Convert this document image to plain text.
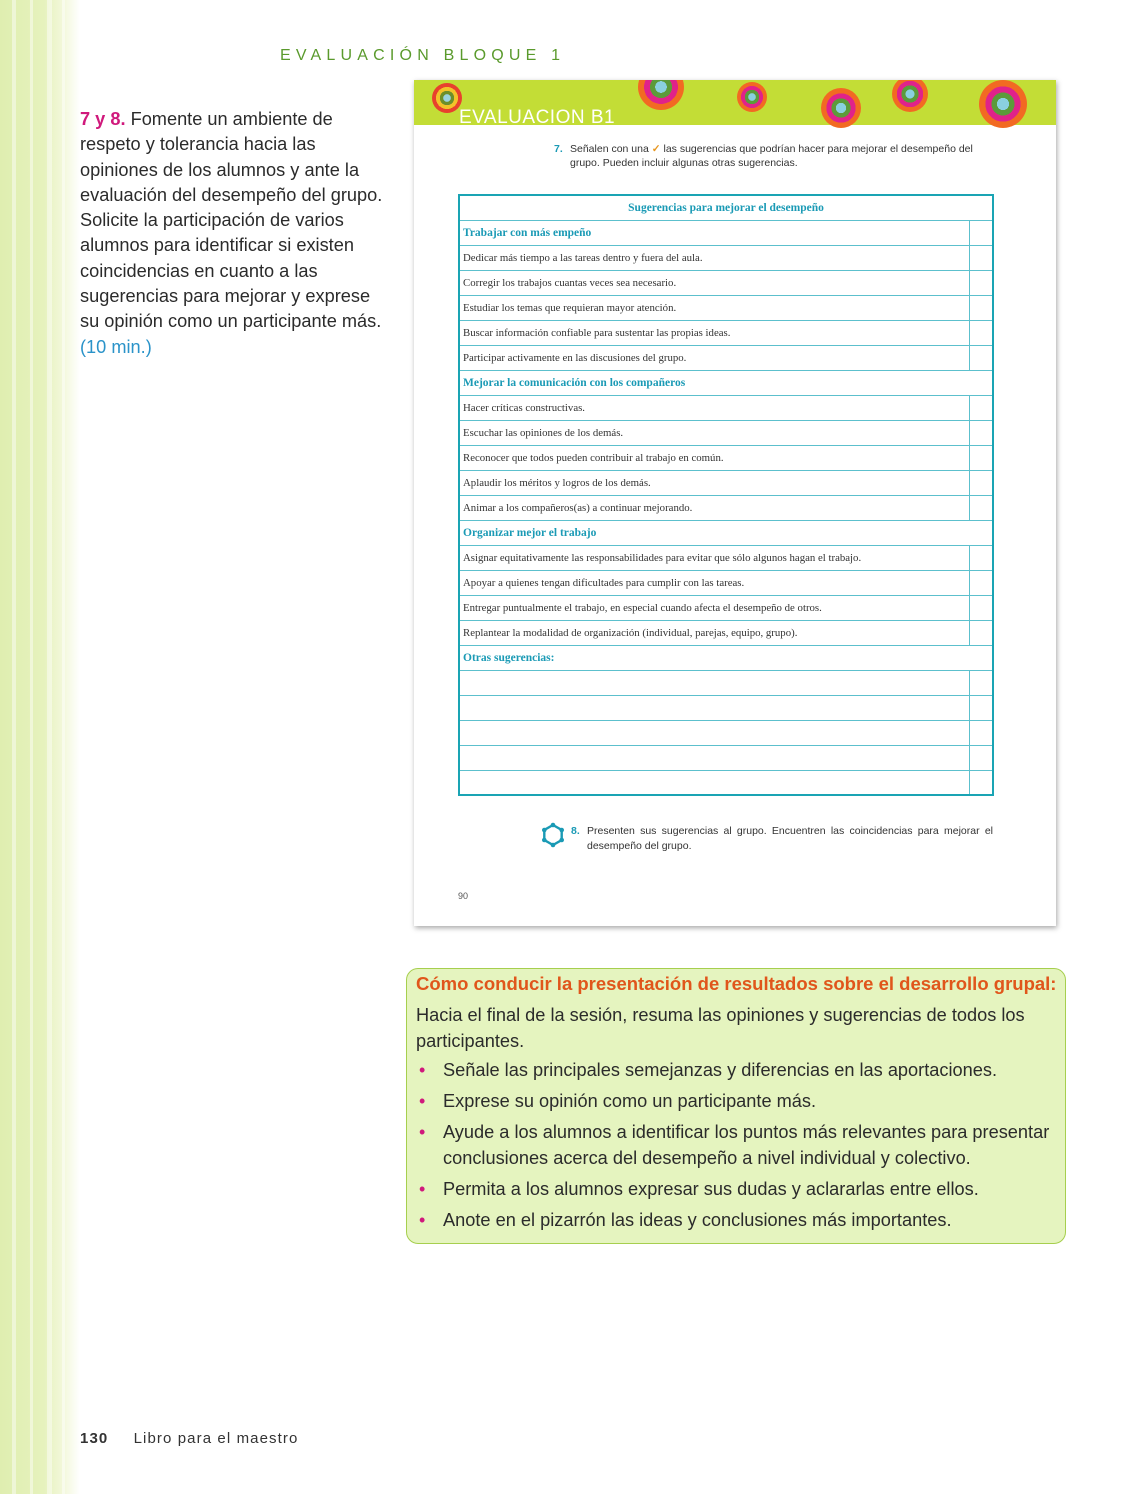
EVALUACIÓN BLOQUE 1
7 y 8. Fomente un ambiente de respeto y tolerancia hacia las opiniones de los alumnos y ante la evaluación del desempeño del grupo. Solicite la participación de varios alumnos para identificar si existen coincidencias en cuanto a las sugerencias para mejorar y exprese su opinión como un participante más. (10 min.)
EVALUACION B1
7. Señalen con una ✓ las sugerencias que podrían hacer para mejorar el desempeño del grupo. Pueden incluir algunas otras sugerencias.
Sugerencias para mejorar el desempeño	
Trabajar con más empeño	
Dedicar más tiempo a las tareas dentro y fuera del aula.	
Corregir los trabajos cuantas veces sea necesario.	
Estudiar los temas que requieran mayor atención.	
Buscar información confiable para sustentar las propias ideas.	
Participar activamente en las discusiones del grupo.	
Mejorar la comunicación con los compañeros	
Hacer críticas constructivas.	
Escuchar las opiniones de los demás.	
Reconocer que todos pueden contribuir al trabajo en común.	
Aplaudir los méritos y logros de los demás.	
Animar a los compañeros(as) a continuar mejorando.	
Organizar mejor el trabajo	
Asignar equitativamente las responsabilidades para evitar que sólo algunos hagan el trabajo.	
Apoyar a quienes tengan dificultades para cumplir con las tareas.	
Entregar puntualmente el trabajo, en especial cuando afecta el desempeño de otros.	
Replantear la modalidad de organización (individual, parejas, equipo, grupo).	
Otras sugerencias:	

8. Presenten sus sugerencias al grupo. Encuentren las coincidencias para mejorar el desempeño del grupo.
90
Cómo conducir la presentación de resultados sobre el desarrollo grupal:
Hacia el final de la sesión, resuma las opiniones y sugerencias de todos los participantes.
• Señale las principales semejanzas y diferencias en las aportaciones.
• Exprese su opinión como un participante más.
• Ayude a los alumnos a identificar los puntos más relevantes para presentar conclusiones acerca del desempeño a nivel individual y colectivo.
• Permita a los alumnos expresar sus dudas y aclararlas entre ellos.
• Anote en el pizarrón las ideas y conclusiones más importantes.
130 Libro para el maestro
